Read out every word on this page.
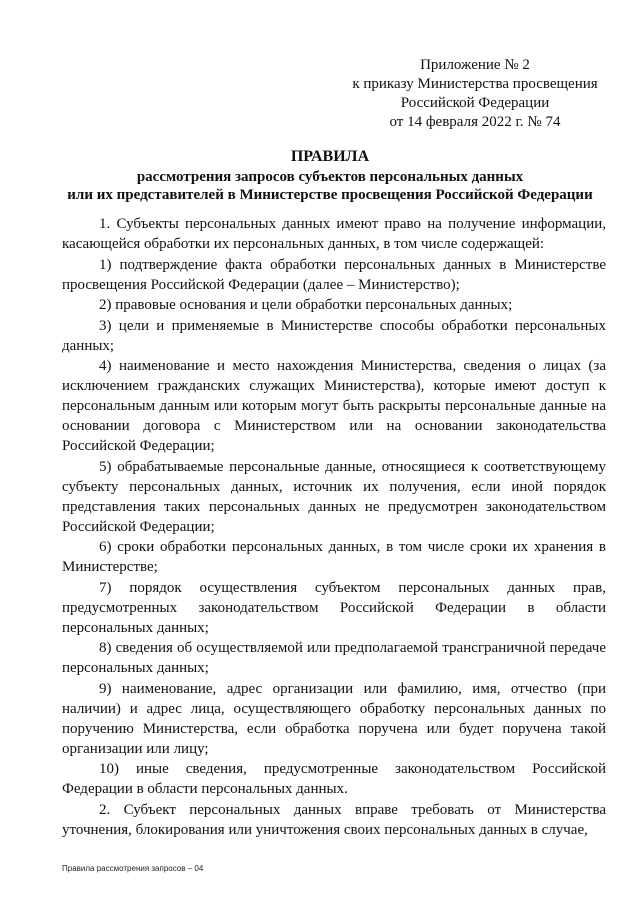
Приложение № 2
к приказу Министерства просвещения
Российской Федерации
от 14 февраля 2022 г. № 74
ПРАВИЛА
рассмотрения запросов субъектов персональных данных
или их представителей в Министерстве просвещения Российской Федерации

1. Субъекты персональных данных имеют право на получение информации, касающейся обработки их персональных данных, в том числе содержащей:

1) подтверждение факта обработки персональных данных в Министерстве просвещения Российской Федерации (далее – Министерство);

2) правовые основания и цели обработки персональных данных;

3) цели и применяемые в Министерстве способы обработки персональных данных;

4) наименование и место нахождения Министерства, сведения о лицах (за исключением гражданских служащих Министерства), которые имеют доступ к персональным данным или которым могут быть раскрыты персональные данные на основании договора с Министерством или на основании законодательства Российской Федерации;

5) обрабатываемые персональные данные, относящиеся к соответствующему субъекту персональных данных, источник их получения, если иной порядок представления таких персональных данных не предусмотрен законодательством Российской Федерации;

6) сроки обработки персональных данных, в том числе сроки их хранения в Министерстве;

7) порядок осуществления субъектом персональных данных прав, предусмотренных законодательством Российской Федерации в области персональных данных;

8) сведения об осуществляемой или предполагаемой трансграничной передаче персональных данных;

9) наименование, адрес организации или фамилию, имя, отчество (при наличии) и адрес лица, осуществляющего обработку персональных данных по поручению Министерства, если обработка поручена или будет поручена такой организации или лицу;

10) иные сведения, предусмотренные законодательством Российской Федерации в области персональных данных.

2. Субъект персональных данных вправе требовать от Министерства уточнения, блокирования или уничтожения своих персональных данных в случае,

Правила рассмотрения запросов – 04
